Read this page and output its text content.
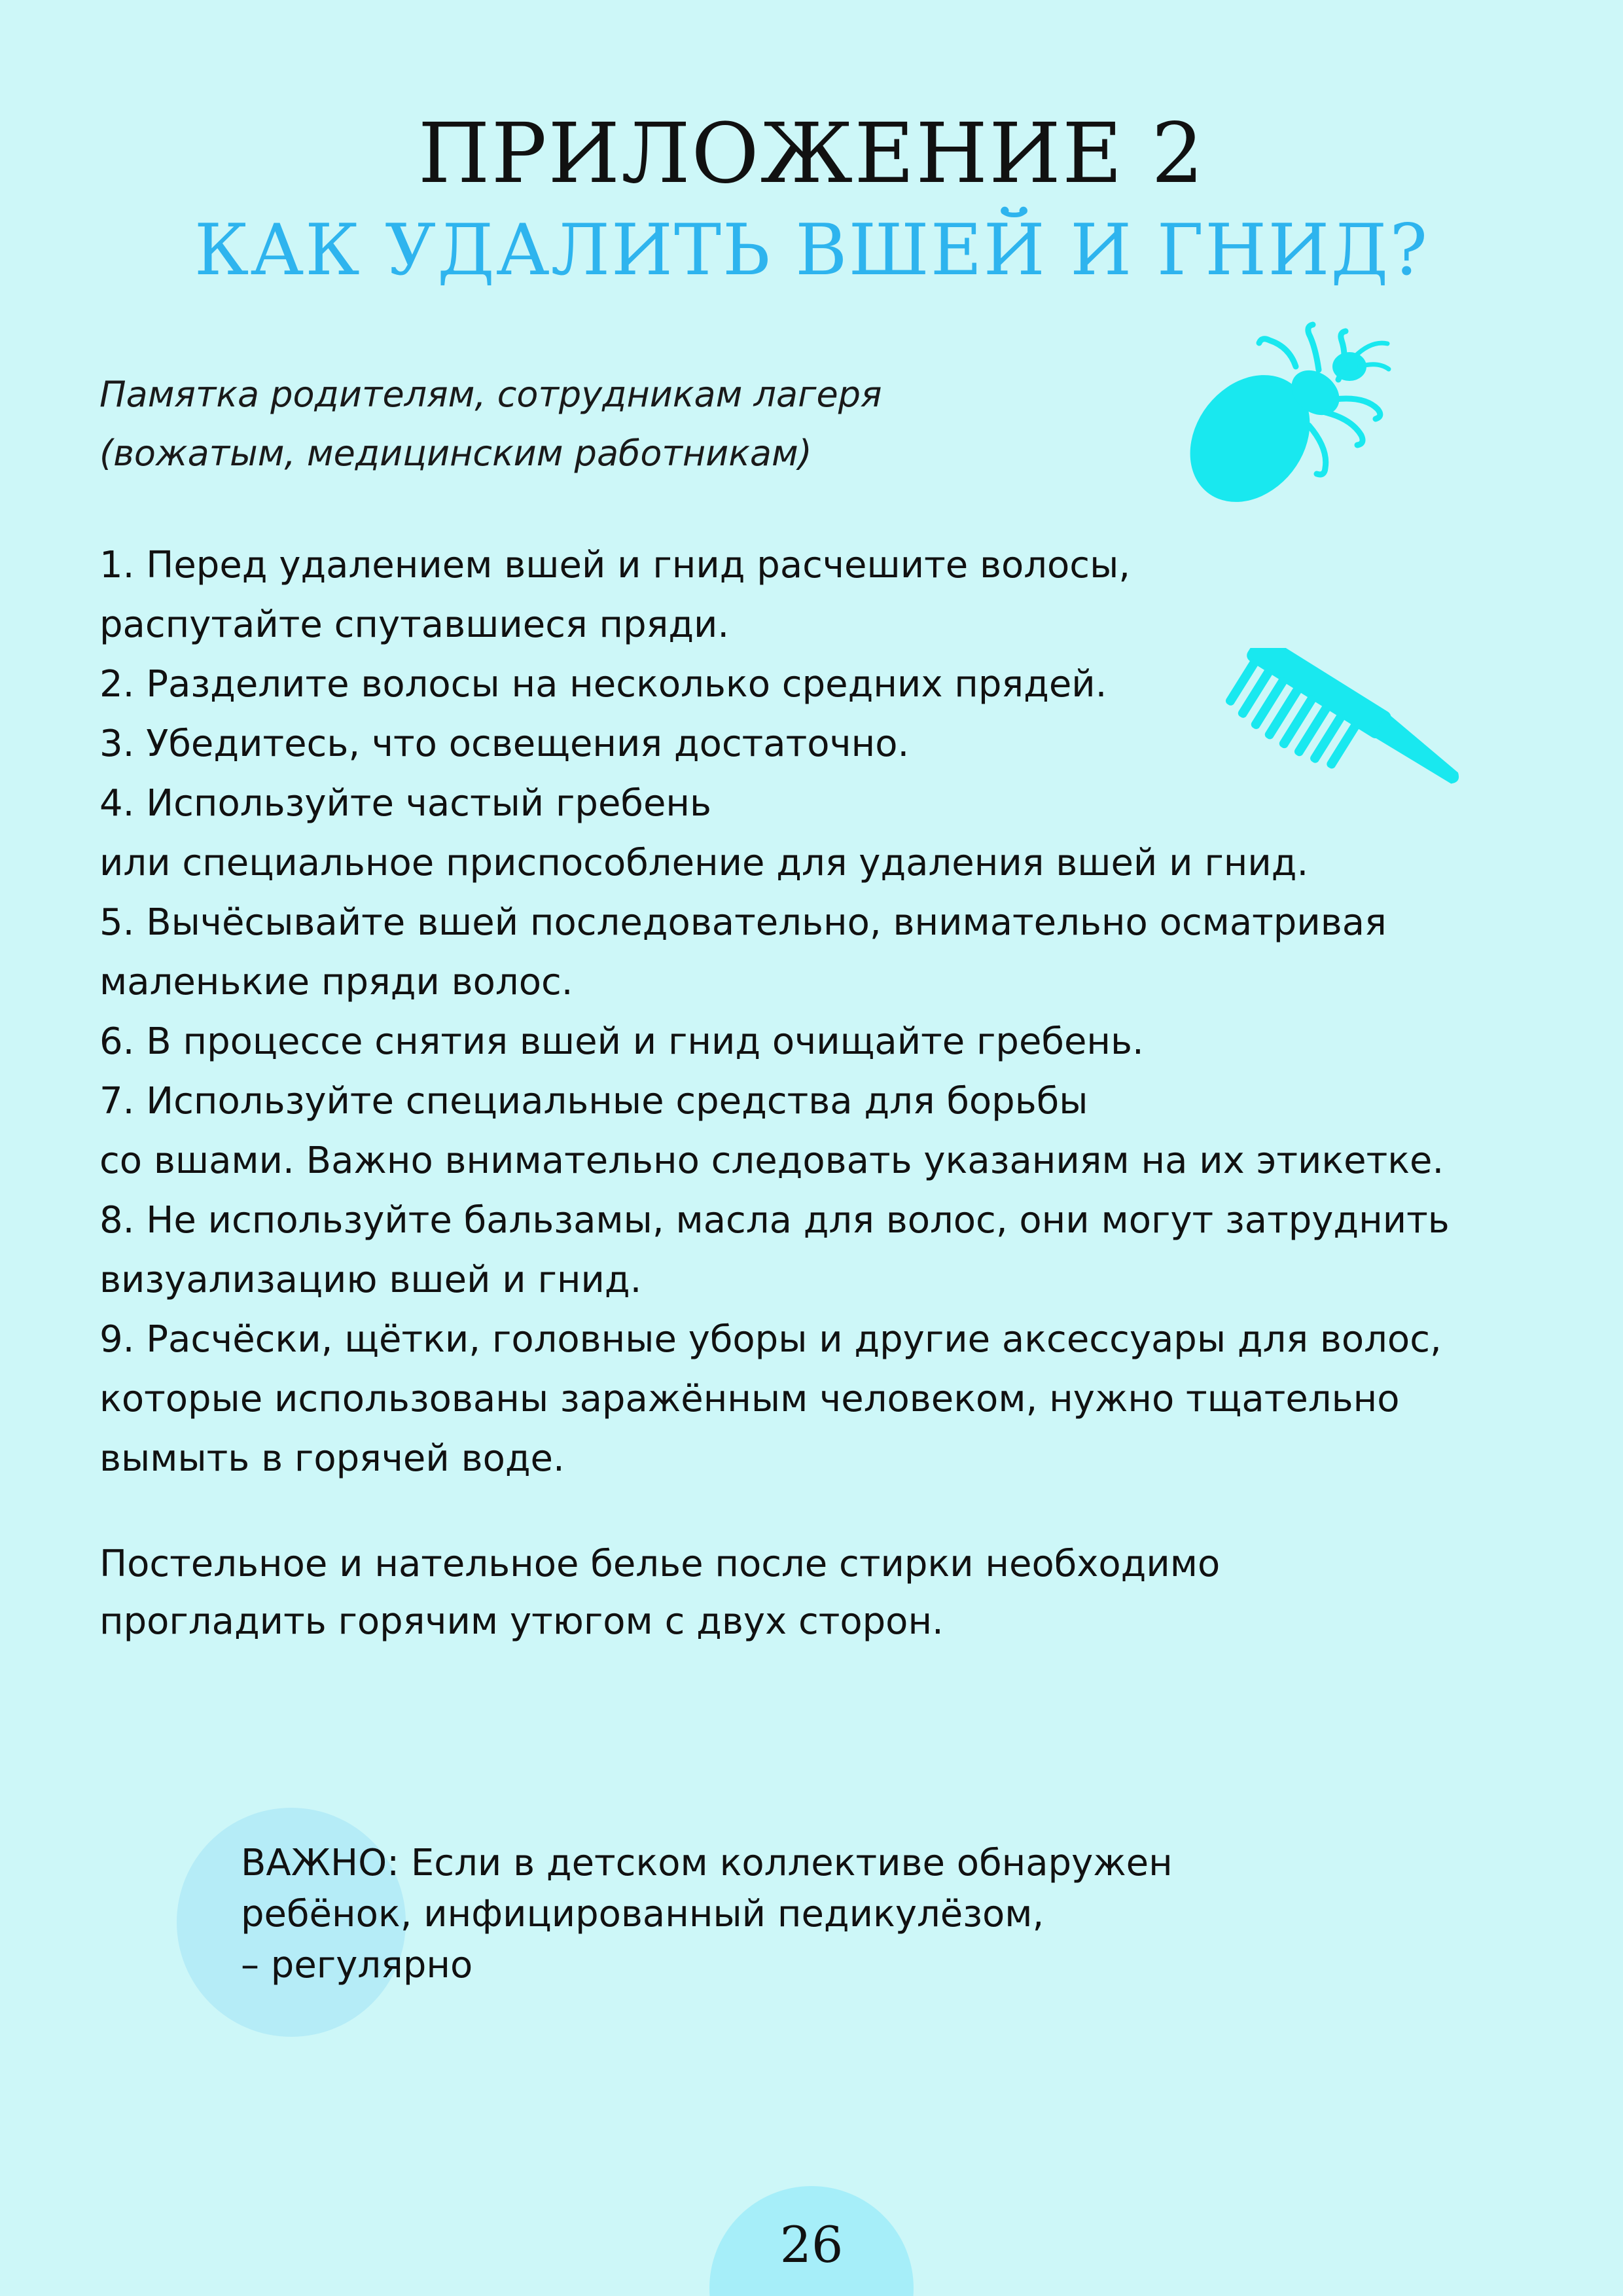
ПРИЛОЖЕНИЕ 2
КАК УДАЛИТЬ ВШЕЙ И ГНИД?
Памятка родителям, сотрудникам лагеря
(вожатым, медицинским работникам)

1. Перед удалением вшей и гнид расчешите волосы,

распутайте спутавшиеся пряди.

2. Разделите волосы на несколько средних прядей.

3. Убедитесь, что освещения достаточно.

4. Используйте частый гребень

или специальное приспособление для удаления вшей и гнид.

5. Вычёсывайте вшей последовательно, внимательно осматривая

маленькие пряди волос.

6. В процессе снятия вшей и гнид очищайте гребень.

7. Используйте специальные средства для борьбы

со вшами. Важно внимательно следовать указаниям на их этикетке.

8. Не используйте бальзамы, масла для волос, они могут затруднить

визуализацию вшей и гнид.

9. Расчёски, щётки, головные уборы и другие аксессуары для волос,

которые использованы заражённым человеком, нужно тщательно

вымыть в горячей воде.

Постельное и нательное белье после стирки необходимо

прогладить горячим утюгом с двух сторон.

ВАЖНО: Если в детском коллективе обнаружен

ребёнок, инфицированный педикулёзом,

– регулярно

26
